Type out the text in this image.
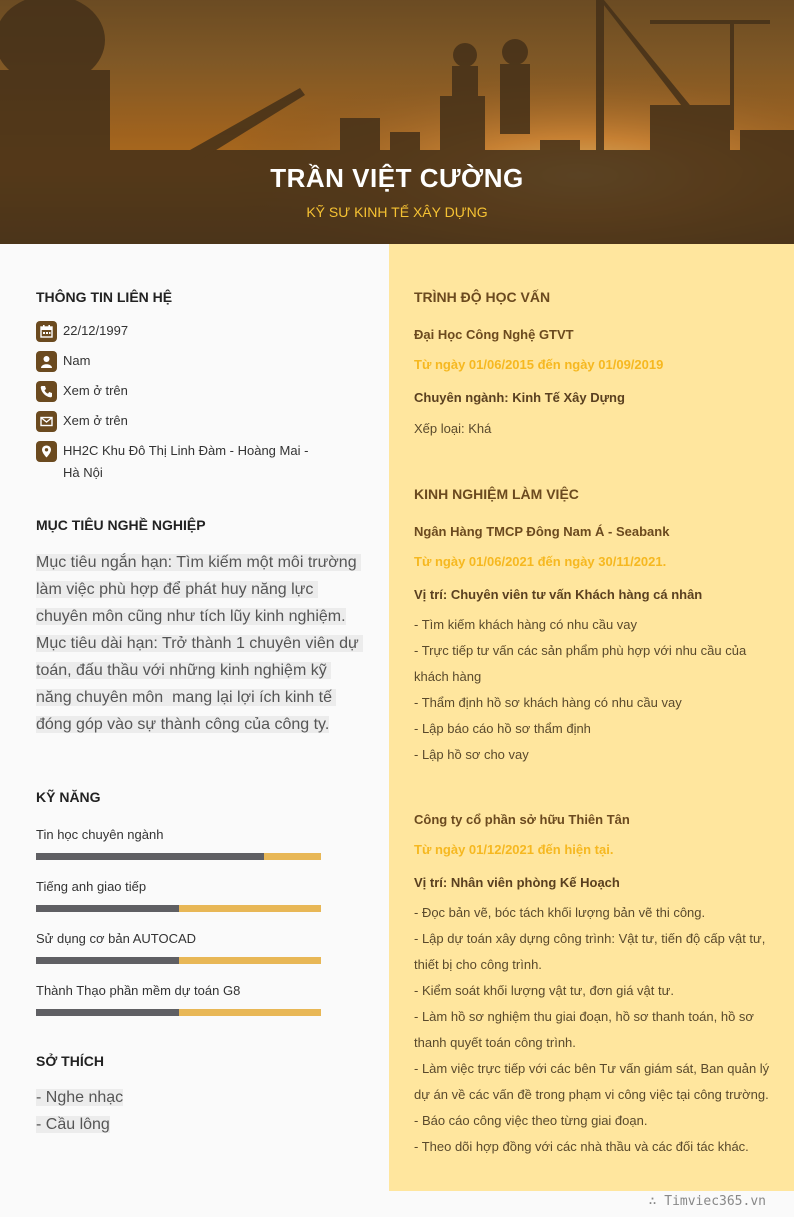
TRẦN VIỆT CƯỜNG
KỸ SƯ KINH TẾ XÂY DỰNG
THÔNG TIN LIÊN HỆ
22/12/1997
Nam
Xem ở trên
Xem ở trên
HH2C Khu Đô Thị Linh Đàm - Hoàng Mai - Hà Nội
MỤC TIÊU NGHỀ NGHIỆP
Mục tiêu ngắn hạn: Tìm kiếm một môi trường làm việc phù hợp để phát huy năng lực chuyên môn cũng như tích lũy kinh nghiệm.
Mục tiêu dài hạn: Trở thành 1 chuyên viên dự toán, đấu thầu với những kinh nghiệm kỹ năng chuyên môn  mang lại lợi ích kinh tế đóng góp vào sự thành công của công ty.
KỸ NĂNG
Tin học chuyên ngành
Tiếng anh giao tiếp
Sử dụng cơ bản AUTOCAD
Thành Thạo phần mềm dự toán G8
SỞ THÍCH
- Nghe nhạc
- Cầu lông
TRÌNH ĐỘ HỌC VẤN
Đại Học Công Nghệ GTVT
Từ ngày 01/06/2015 đến ngày 01/09/2019
Chuyên ngành: Kinh Tế Xây Dựng
Xếp loại: Khá
KINH NGHIỆM LÀM VIỆC
Ngân Hàng TMCP Đông Nam Á - Seabank
Từ ngày 01/06/2021 đến ngày 30/11/2021.
Vị trí: Chuyên viên tư vấn Khách hàng cá nhân
- Tìm kiếm khách hàng có nhu cầu vay
- Trực tiếp tư vấn các sản phẩm phù hợp với nhu cầu của khách hàng
- Thẩm định hồ sơ khách hàng có nhu cầu vay
- Lập báo cáo hồ sơ thẩm định
- Lập hồ sơ cho vay
Công ty cổ phần sở hữu Thiên Tân
Từ ngày 01/12/2021 đến hiện tại.
Vị trí: Nhân viên phòng Kế Hoạch
- Đọc bản vẽ, bóc tách khối lượng bản vẽ thi công.
- Lập dự toán xây dựng công trình: Vật tư, tiến độ cấp vật tư, thiết bị cho công trình.
- Kiểm soát khối lượng vật tư, đơn giá vật tư.
- Làm hồ sơ nghiệm thu giai đoạn, hồ sơ thanh toán, hồ sơ thanh quyết toán công trình.
- Làm việc trực tiếp với các bên Tư vấn giám sát, Ban quản lý dự án về các vấn đề trong phạm vi công việc tại công trường.
- Báo cáo công việc theo từng giai đoạn.
- Theo dõi hợp đồng với các nhà thầu và các đối tác khác.
∴ Timviec365.vn
